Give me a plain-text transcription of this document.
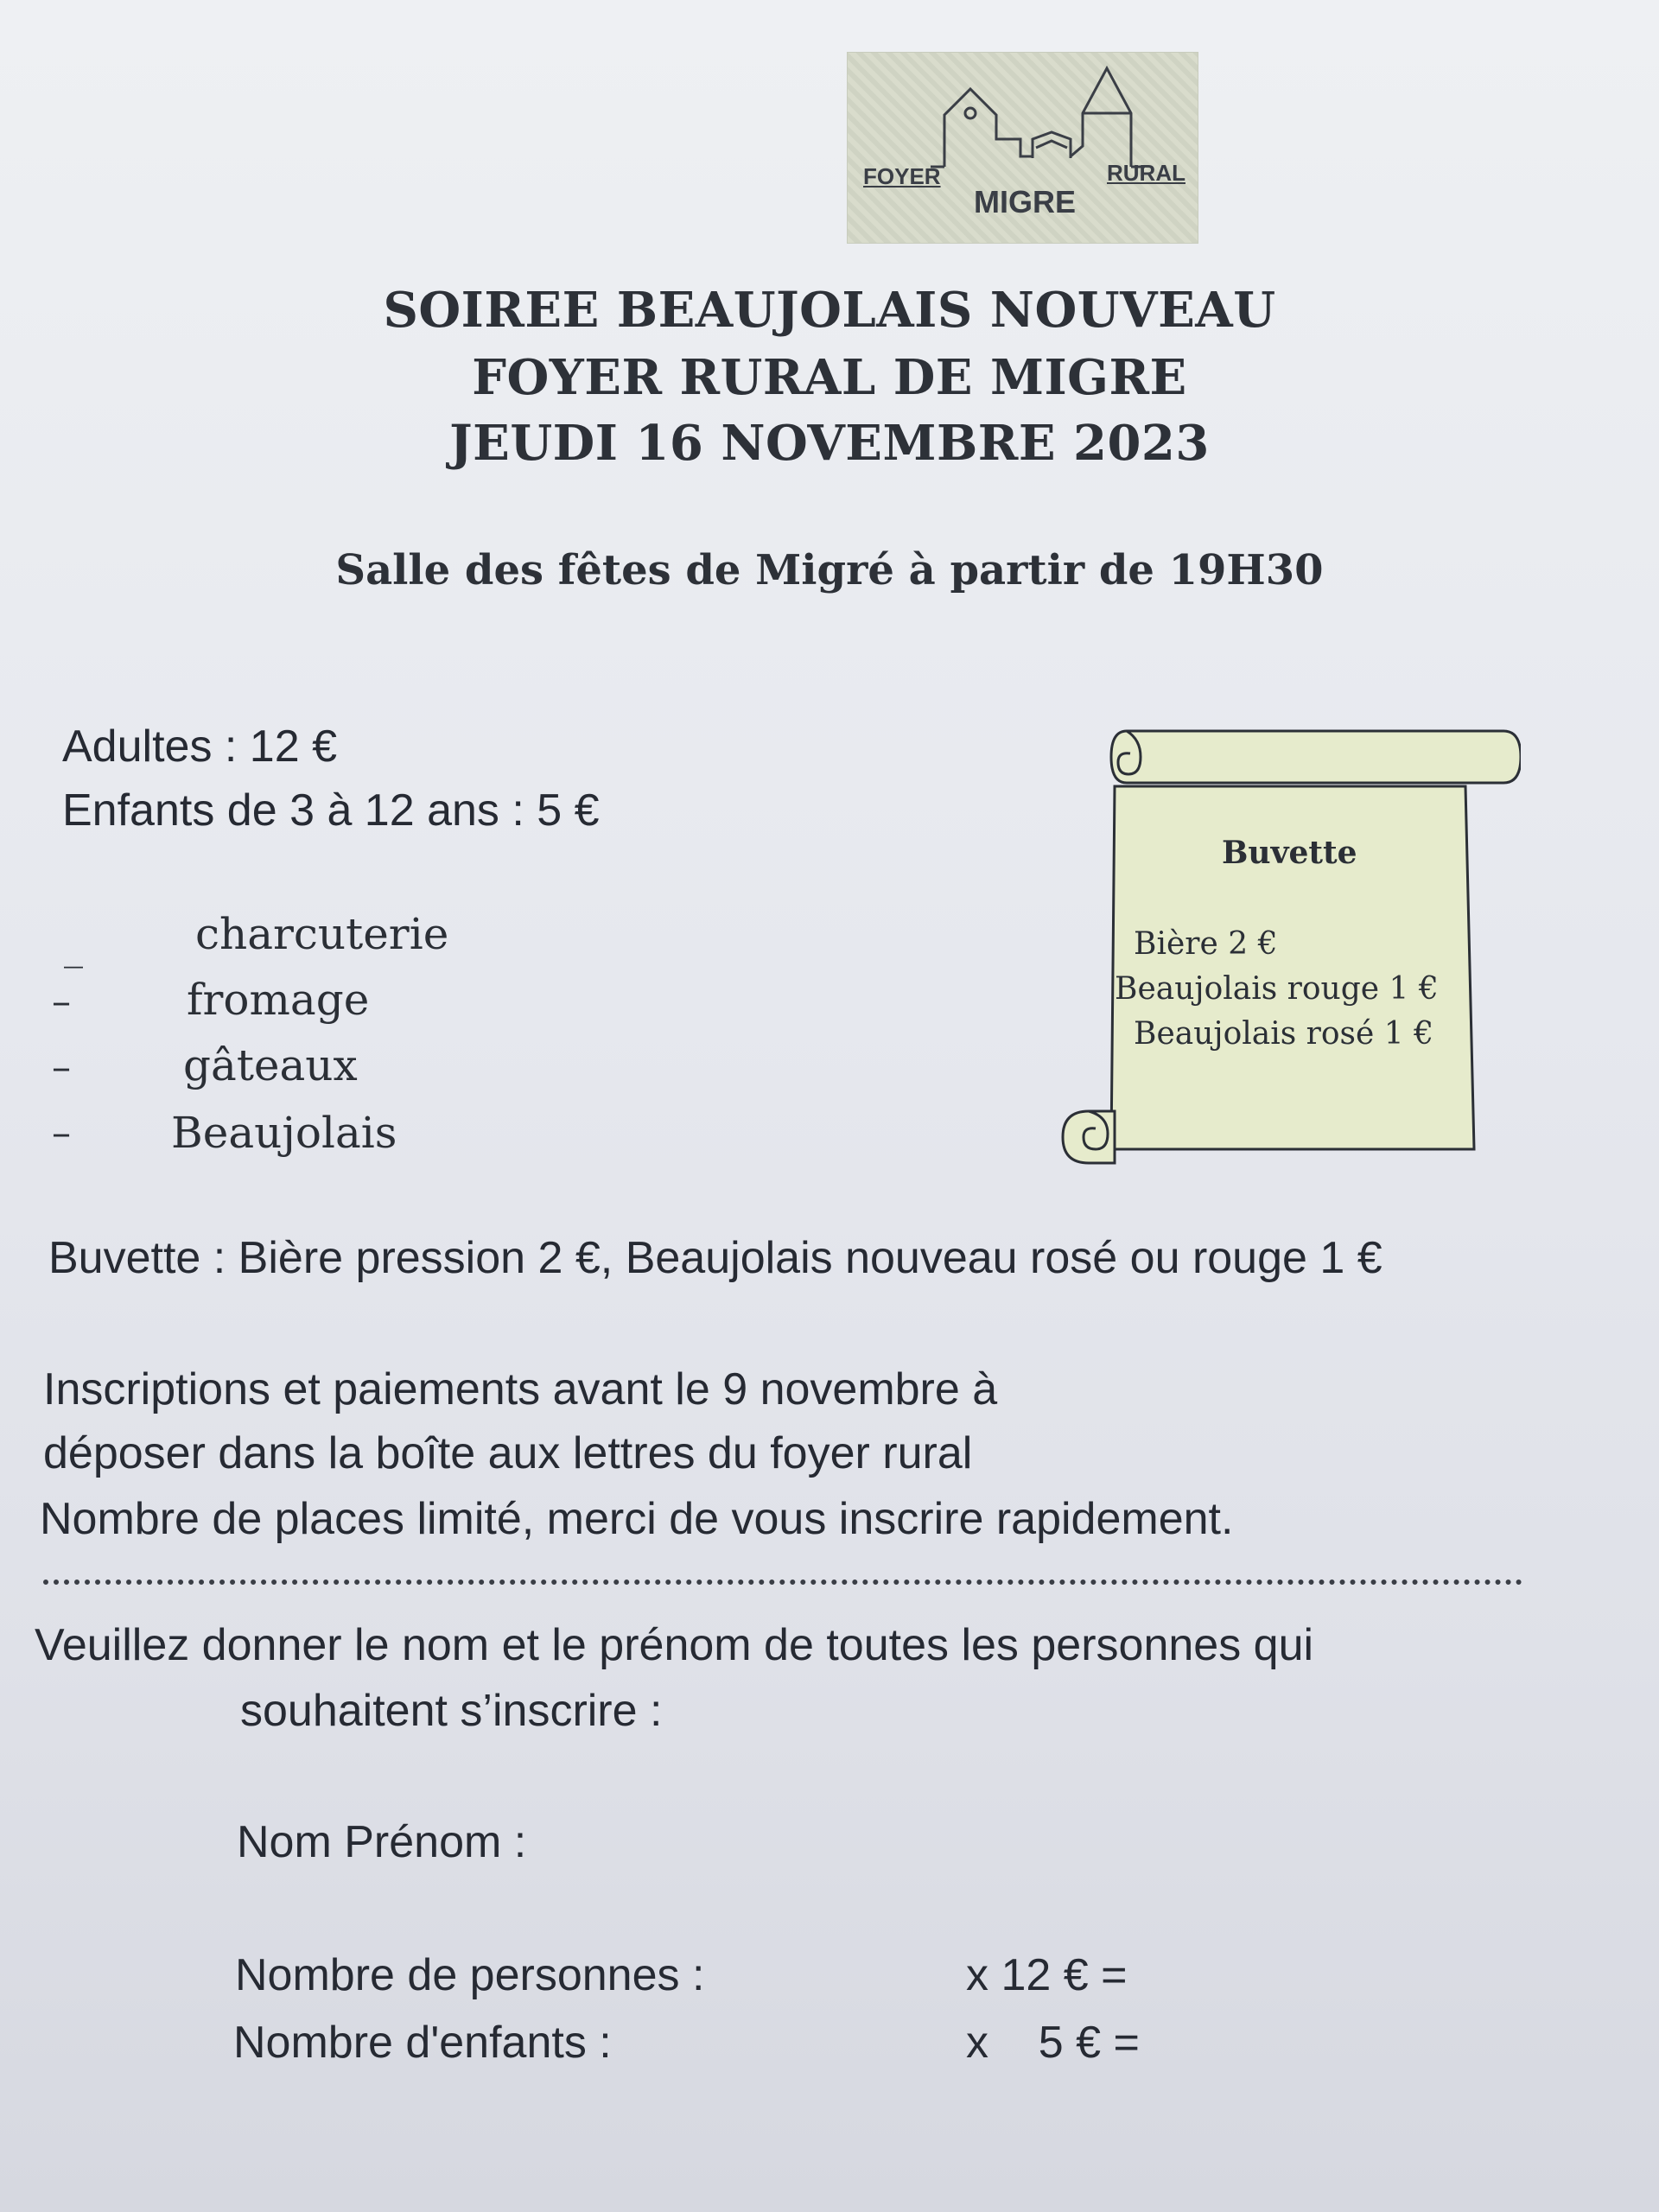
FOYER	RURAL
MIGRE
SOIREE BEAUJOLAIS NOUVEAU
FOYER RURAL DE MIGRE
JEUDI 16 NOVEMBRE 2023
Salle des fêtes de Migré à partir de 19H30
Adultes : 12 €
Enfants de 3 à 12 ans : 5 €
_	charcuterie
–	fromage
–	gâteaux
– Beaujolais
Buvette
Bière 2 €
Beaujolais rouge 1 €
Beaujolais rosé 1 €
Buvette : Bière pression 2 €, Beaujolais nouveau rosé ou rouge 1 €
Inscriptions et paiements avant le 9 novembre à
déposer dans la boîte aux lettres du foyer rural
Nombre de places limité, merci de vous inscrire rapidement.
Veuillez donner le nom et le prénom de toutes les personnes qui
souhaitent s’inscrire :
Nom Prénom :
Nombre de personnes :	x 12 € =
Nombre d'enfants :	x    5 € =
